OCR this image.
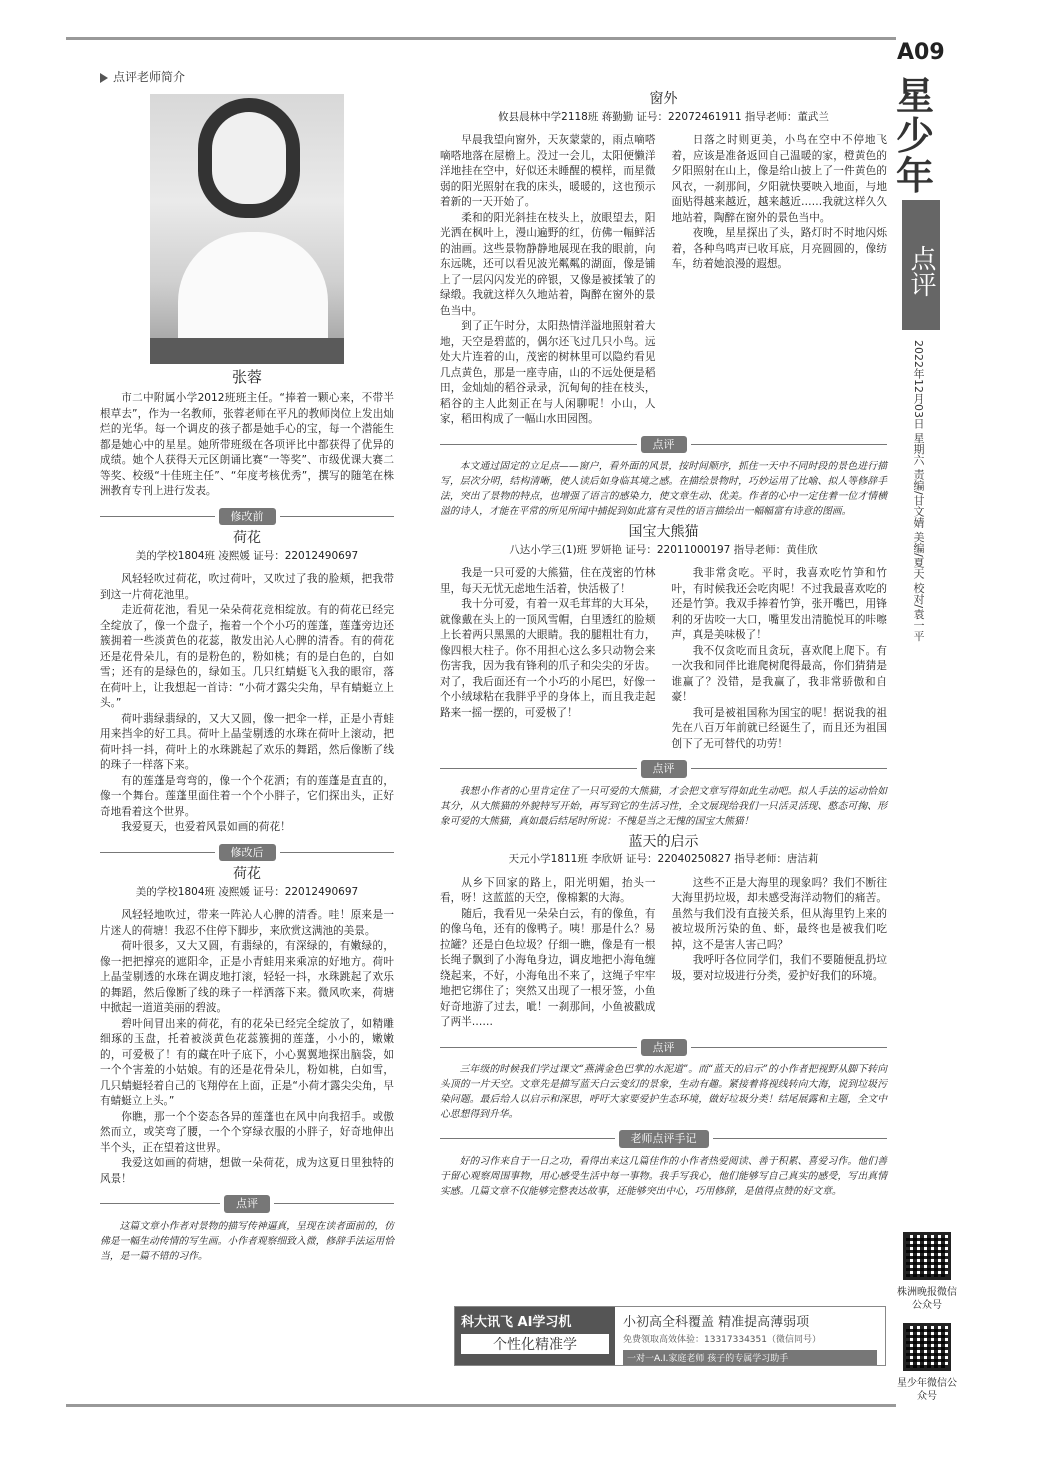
点评老师简介
张蓉

市二中附属小学2012班班主任。“捧着一颗心来，不带半根草去”，作为一名教师，张蓉老师在平凡的教师岗位上发出灿烂的光华。每一个调皮的孩子都是她手心的宝，每一个潜能生都是她心中的星星。她所带班级在各项评比中都获得了优异的成绩。她个人获得天元区朗诵比赛“一等奖”、市级优课大赛二等奖、校级“十佳班主任”、“年度考核优秀”，撰写的随笔在株洲教育专刊上进行发表。

修改前
荷花
美的学校1804班 凌熙媛 证号：22012490697

风轻轻吹过荷花，吹过荷叶，又吹过了我的脸颊，把我带到这一片荷花池里。

走近荷花池，看见一朵朵荷花竞相绽放。有的荷花已经完全绽放了，像一个盘子，拖着一个个小巧的莲蓬，莲蓬旁边还簇拥着一些淡黄色的花蕊，散发出沁人心脾的清香。有的荷花还是花骨朵儿，有的是粉色的，粉如桃；有的是白色的，白如雪；还有的是绿色的，绿如玉。几只红蜻蜓飞入我的眼帘，落在荷叶上，让我想起一首诗：“小荷才露尖尖角，早有蜻蜓立上头。”

荷叶翡绿翡绿的，又大又圆，像一把伞一样，正是小青蛙用来挡伞的好工具。荷叶上晶莹剔透的水珠在荷叶上滚动，把荷叶抖一抖，荷叶上的水珠跳起了欢乐的舞蹈，然后像断了线的珠子一样落下来。

有的莲蓬是弯弯的，像一个个花洒；有的莲蓬是直直的，像一个舞台。莲蓬里面住着一个个小胖子，它们探出头，正好奇地看着这个世界。

我爱夏天，也爱着风景如画的荷花！

修改后
荷花
美的学校1804班 凌熙媛 证号：22012490697

风轻轻地吹过，带来一阵沁人心脾的清香。哇！原来是一片迷人的荷塘！我忍不住停下脚步，来欣赏这满池的美景。

荷叶很多，又大又圆，有翡绿的，有深绿的，有嫩绿的，像一把把撑亮的遮阳伞，正是小青蛙用来乘凉的好地方。荷叶上晶莹剔透的水珠在调皮地打滚，轻轻一抖，水珠跳起了欢乐的舞蹈，然后像断了线的珠子一样洒落下来。微风吹来，荷塘中掀起一道道美丽的碧波。

碧叶间冒出来的荷花，有的花朵已经完全绽放了，如精雕细琢的玉盘，托着被淡黄色花蕊簇拥的莲蓬，小小的，嫩嫩的，可爱极了！有的藏在叶子底下，小心翼翼地探出脑袋，如一个个害羞的小姑娘。有的还是花骨朵儿，粉如桃，白如雪，几只蜻蜓轻着自己的飞翔停在上面，正是“小荷才露尖尖角，早有蜻蜓立上头。”

你瞧，那一个个姿态各异的莲蓬也在风中向我招手。或傲然而立，或笑弯了腰，一个个穿绿衣服的小胖子，好奇地伸出半个头，正在望着这世界。

我爱这如画的荷塘，想做一朵荷花，成为这夏日里独特的风景！

点评

这篇文章小作者对景物的描写传神逼真，呈现在读者面前的，仿佛是一幅生动传情的写生画。小作者观察细致入微，修辞手法运用恰当，是一篇不错的习作。

窗外
攸县晨林中学2118班 蒋勤勤 证号：22072461911 指导老师：董武兰

早晨我望向窗外，天灰蒙蒙的，雨点嘀嗒嘀嗒地落在屋檐上。没过一会儿，太阳便懒洋洋地挂在空中，好似还未睡醒的模样，而星微弱的阳光照射在我的床头，暖暖的，这也预示着新的一天开始了。

柔和的阳光斜挂在枝头上，放眼望去，阳光洒在枫叶上，漫山遍野的红，仿佛一幅鲜活的油画。这些景物静静地展现在我的眼前，向东远眺，还可以看见波光粼粼的湖面，像是铺上了一层闪闪发光的碎银，又像是被揉皱了的绿缎。我就这样久久地站着，陶醉在窗外的景色当中。

到了正午时分，太阳热情洋溢地照射着大地，天空是碧蓝的，偶尔还飞过几只小鸟。远处大片连着的山，茂密的树林里可以隐约看见几点黄色，那是一座寺庙，山的不远处便是稻田，金灿灿的稻谷录录，沉甸甸的挂在枝头，稻谷的主人此刻正在与人闲聊呢！小山，人家，稻田构成了一幅山水田园图。

日落之时则更美，小鸟在空中不停地飞着，应该是准备返回自己温暖的家，橙黄色的夕阳照射在山上，像是给山披上了一件黄色的风衣，一刹那间，夕阳就快要映入地面，与地面贴得越来越近，越来越近……我就这样久久地站着，陶醉在窗外的景色当中。

夜晚，星星探出了头，路灯时不时地闪烁着，各种鸟鸣声已收耳底，月亮圆圆的，像纺车，纺着她浪漫的遐想。

点评

本文通过固定的立足点——窗户，看外面的风景，按时间顺序，抓住一天中不同时段的景色进行描写，层次分明，结构清晰，使人读后如身临其境之感。在描绘景物时，巧妙运用了比喻、拟人等修辞手法，突出了景物的特点，也增强了语言的感染力，使文章生动、优美。作者的心中一定住着一位才情横溢的诗人，才能在平常的所见所闻中捕捉到如此富有灵性的语言描绘出一幅幅富有诗意的图画。

国宝大熊猫
八达小学三(1)班 罗妍艳 证号：22011000197 指导老师：黄佳欣

我是一只可爱的大熊猫，住在茂密的竹林里，每天无忧无虑地生活着，快活极了！

我十分可爱，有着一双毛茸茸的大耳朵，就像戴在头上的一顶风雪帽，白里透红的脸颊上长着两只黑黑的大眼睛。我的腿粗壮有力，像四根大柱子。你不用担心这么多只动物会来伤害我，因为我有锋利的爪子和尖尖的牙齿。对了，我后面还有一个小巧的小尾巴，好像一个小绒球粘在我胖乎乎的身体上，而且我走起路来一摇一摆的，可爱极了！

我非常贪吃。平时，我喜欢吃竹笋和竹叶，有时候我还会吃肉呢！不过我最喜欢吃的还是竹笋。我双手捧着竹笋，张开嘴巴，用锋利的牙齿咬一大口，嘴里发出清脆悦耳的咔嚓声，真是美味极了！

我不仅贪吃而且贪玩，喜欢爬上爬下。有一次我和同伴比谁爬树爬得最高，你们猜猜是谁赢了？没错，是我赢了，我非常骄傲和自豪！

我可是被祖国称为国宝的呢！据说我的祖先在八百万年前就已经诞生了，而且还为祖国创下了无可替代的功劳！

点评

我想小作者的心里肯定住了一只可爱的大熊猫，才会把文章写得如此生动吧。拟人手法的运动恰如其分，从大熊猫的外貌特写开始，再写到它的生活习性，全文展现给我们一只活灵活现、憨态可掬、形象可爱的大熊猫，真如最后结尾时所说：不愧是当之无愧的国宝大熊猫！

蓝天的启示
天元小学1811班 李欣妍 证号：22040250827 指导老师：唐洁莉

从乡下回家的路上，阳光明媚，抬头一看，呀！这蓝蓝的天空，像棉絮的大海。

随后，我看见一朵朵白云，有的像鱼，有的像乌龟，还有的像鸭子。咦！那是什么？易拉罐？还是白色垃圾？仔细一瞧，像是有一根长绳子飘到了小海龟身边，调皮地把小海龟缠绕起来，不好，小海龟出不来了，这绳子牢牢地把它绑住了；突然又出现了一根牙签，小鱼好奇地游了过去，呲！一刹那间，小鱼被戳成了两半……

这些不正是大海里的现象吗？我们不断往大海里扔垃圾，却未感受海洋动物们的痛苦。虽然与我们没有直接关系，但从海里钓上来的被垃圾所污染的鱼、虾，最终也是被我们吃掉，这不是害人害己吗？

我呼吁各位同学们，我们不要随便乱扔垃圾，要对垃圾进行分类，爱护好我们的环境。

点评

三年级的时候我们学过课文“燕满金色巴掌的水泥道”。而“蓝天的启示”的小作者把视野从脚下转向头顶的一片天空。文章先是描写蓝天白云变幻的景象，生动有趣。紧接着将视线转向大海，说到垃圾污染问题。最后给人以启示和深思，呼吁大家要爱护生态环境，做好垃圾分类！结尾展露和主题，全文中心思想得到升华。

老师点评手记

好的习作来自于一日之功，看得出来这几篇佳作的小作者热爱阅读、善于积累、喜爱习作。他们善于留心观察周围事物，用心感受生活中每一事物。我手写我心，他们能够写自己真实的感受，写出真情实感。几篇文章不仅能够完整表达故事，还能够突出中心，巧用修辞，是值得点赞的好文章。

科大讯飞 AI学习机
个性化精准学
小初高全科覆盖 精准提高薄弱项
免费领取高效体验：13317334351（微信同号）
一对一A.I.家庭老师 孩子的专属学习助手
A09
星少年
点评
2022年12月03日 星期六 责编/甘文婧 美编/夏天 校对/袁一平
株洲晚报微信公众号
星少年微信公众号
